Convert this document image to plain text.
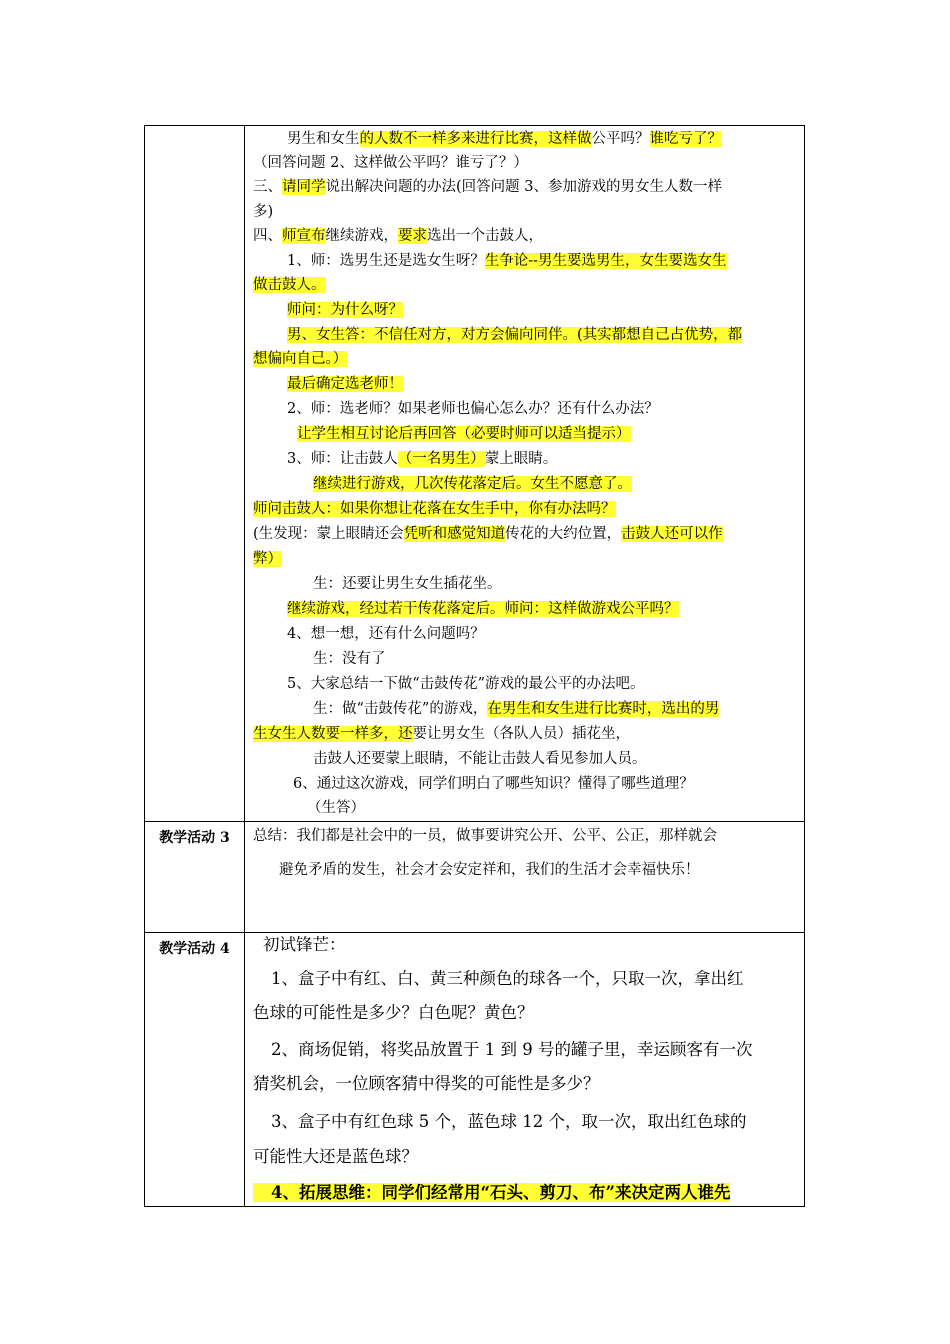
男生和女生的人数不一样多来进行比赛，这样做公平吗？谁吃亏了？
（回答问题 2、这样做公平吗？谁亏了？）
三、请同学说出解决问题的办法(回答问题 3、参加游戏的男女生人数一样
多)
四、师宣布继续游戏，要求选出一个击鼓人，
1、师：选男生还是选女生呀？生争论--男生要选男生，女生要选女生
做击鼓人。
师问：为什么呀？
男、女生答：不信任对方，对方会偏向同伴。(其实都想自己占优势，都
想偏向自己。）
最后确定选老师！
2、师：选老师？如果老师也偏心怎么办？还有什么办法？
让学生相互讨论后再回答（必要时师可以适当提示）
3、师：让击鼓人（一名男生）蒙上眼睛。
继续进行游戏，几次传花落定后。女生不愿意了。
师问击鼓人：如果你想让花落在女生手中，你有办法吗？
(生发现：蒙上眼睛还会凭听和感觉知道传花的大约位置，击鼓人还可以作
弊）
生：还要让男生女生插花坐。
继续游戏，经过若干传花落定后。师问：这样做游戏公平吗？
4、想一想，还有什么问题吗？
生：没有了
5、大家总结一下做“击鼓传花”游戏的最公平的办法吧。
生：做“击鼓传花”的游戏，在男生和女生进行比赛时，选出的男
生女生人数要一样多，还要让男女生（各队人员）插花坐，
击鼓人还要蒙上眼睛，不能让击鼓人看见参加人员。
6、通过这次游戏，同学们明白了哪些知识？懂得了哪些道理？
（生答）
教学活动 3	总结：我们都是社会中的一员，做事要讲究公开、公平、公正，那样就会
避免矛盾的发生，社会才会安定祥和，我们的生活才会幸福快乐！
教学活动 4	初试锋芒：
1、盒子中有红、白、黄三种颜色的球各一个，只取一次，拿出红
色球的可能性是多少？白色呢？黄色？
2、商场促销，将奖品放置于 1 到 9 号的罐子里，幸运顾客有一次
猜奖机会，一位顾客猜中得奖的可能性是多少？
3、盒子中有红色球 5 个，蓝色球 12 个，取一次，取出红色球的
可能性大还是蓝色球？
4、拓展思维：同学们经常用“石头、剪刀、布”来决定两人谁先
